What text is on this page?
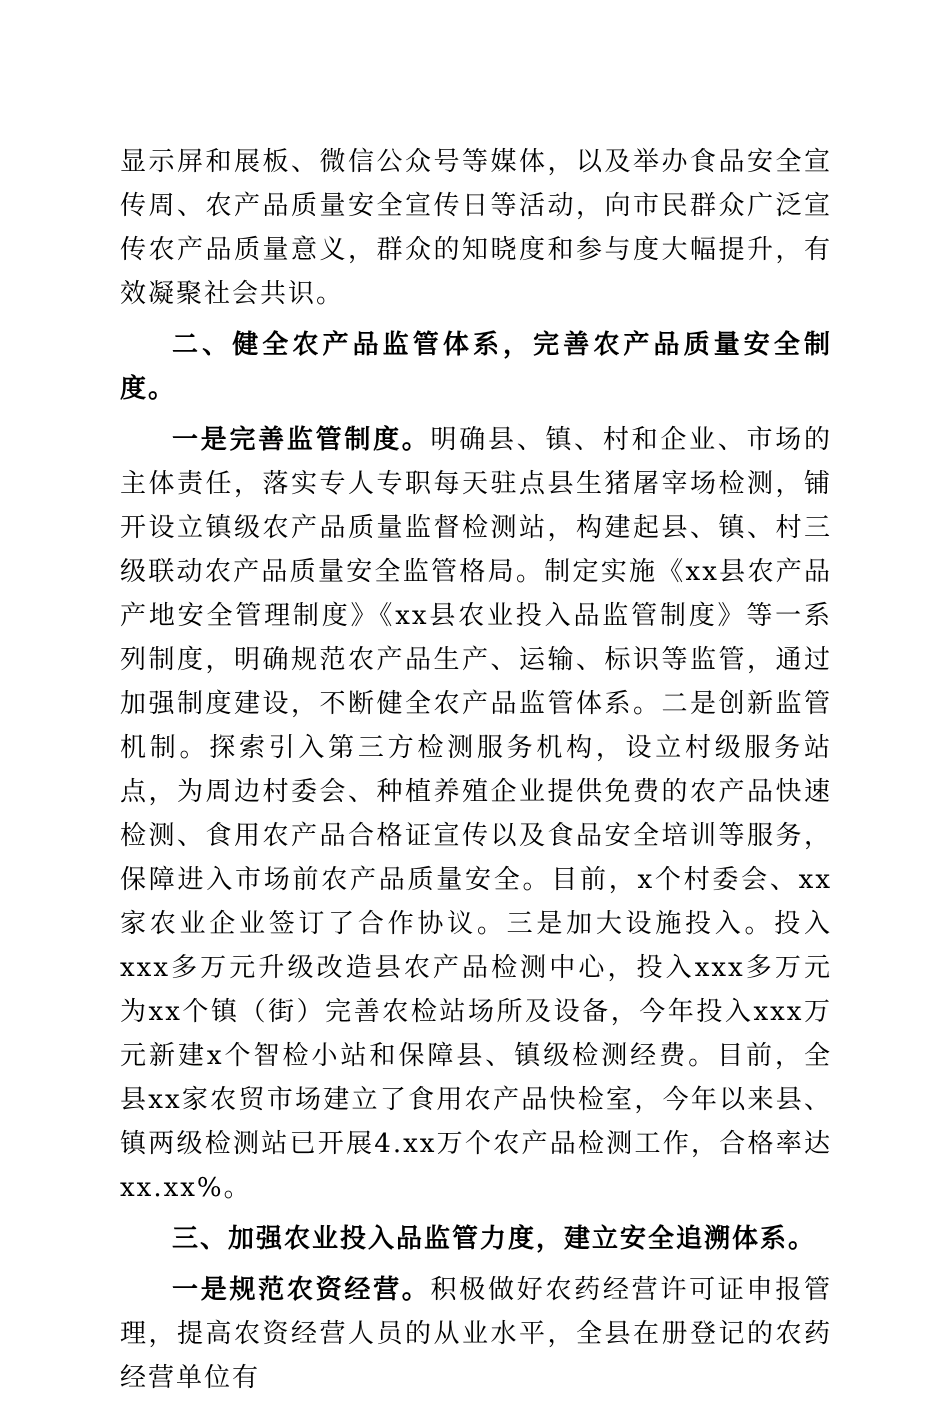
显示屏和展板、微信公众号等媒体，以及举办食品安全宣传周、农产品质量安全宣传日等活动，向市民群众广泛宣传农产品质量意义，群众的知晓度和参与度大幅提升，有效凝聚社会共识。

二、健全农产品监管体系，完善农产品质量安全制度。

一是完善监管制度。明确县、镇、村和企业、市场的主体责任，落实专人专职每天驻点县生猪屠宰场检测，铺开设立镇级农产品质量监督检测站，构建起县、镇、村三级联动农产品质量安全监管格局。制定实施《xx县农产品产地安全管理制度》《xx县农业投入品监管制度》等一系列制度，明确规范农产品生产、运输、标识等监管，通过加强制度建设，不断健全农产品监管体系。二是创新监管机制。探索引入第三方检测服务机构，设立村级服务站点，为周边村委会、种植养殖企业提供免费的农产品快速检测、食用农产品合格证宣传以及食品安全培训等服务，保障进入市场前农产品质量安全。目前，x个村委会、xx家农业企业签订了合作协议。三是加大设施投入。投入xxx多万元升级改造县农产品检测中心，投入xxx多万元为xx个镇（街）完善农检站场所及设备，今年投入xxx万元新建x个智检小站和保障县、镇级检测经费。目前，全县xx家农贸市场建立了食用农产品快检室，今年以来县、镇两级检测站已开展4.xx万个农产品检测工作，合格率达xx.xx%。

三、加强农业投入品监管力度，建立安全追溯体系。

一是规范农资经营。积极做好农药经营许可证申报管理，提高农资经营人员的从业水平，全县在册登记的农药经营单位有
